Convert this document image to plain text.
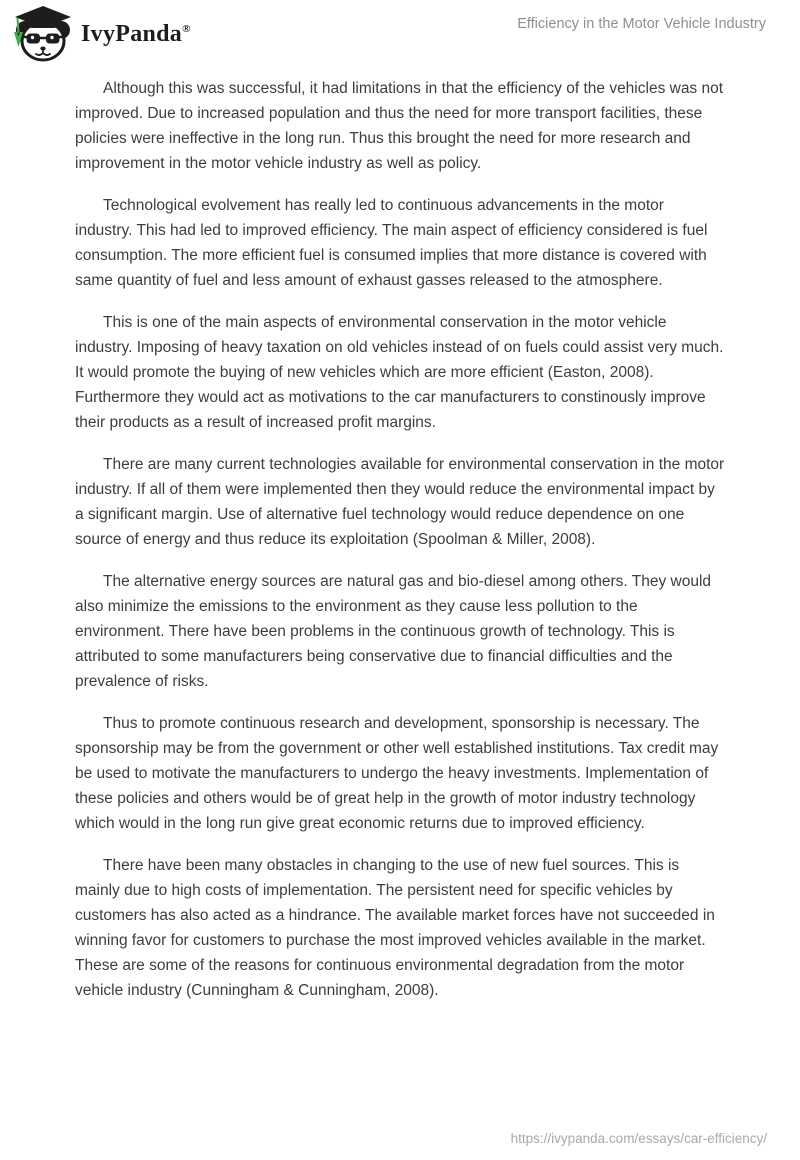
IvyPanda®	Efficiency in the Motor Vehicle Industry

Although this was successful, it had limitations in that the efficiency of the vehicles was not improved. Due to increased population and thus the need for more transport facilities, these policies were ineffective in the long run. Thus this brought the need for more research and improvement in the motor vehicle industry as well as policy.

Technological evolvement has really led to continuous advancements in the motor industry. This had led to improved efficiency. The main aspect of efficiency considered is fuel consumption. The more efficient fuel is consumed implies that more distance is covered with same quantity of fuel and less amount of exhaust gasses released to the atmosphere.

This is one of the main aspects of environmental conservation in the motor vehicle industry. Imposing of heavy taxation on old vehicles instead of on fuels could assist very much. It would promote the buying of new vehicles which are more efficient (Easton, 2008). Furthermore they would act as motivations to the car manufacturers to constinously improve their products as a result of increased profit margins.

There are many current technologies available for environmental conservation in the motor industry. If all of them were implemented then they would reduce the environmental impact by a significant margin. Use of alternative fuel technology would reduce dependence on one source of energy and thus reduce its exploitation (Spoolman & Miller, 2008).

The alternative energy sources are natural gas and bio-diesel among others. They would also minimize the emissions to the environment as they cause less pollution to the environment. There have been problems in the continuous growth of technology. This is attributed to some manufacturers being conservative due to financial difficulties and the prevalence of risks.

Thus to promote continuous research and development, sponsorship is necessary. The sponsorship may be from the government or other well established institutions. Tax credit may be used to motivate the manufacturers to undergo the heavy investments. Implementation of these policies and others would be of great help in the growth of motor industry technology which would in the long run give great economic returns due to improved efficiency.

There have been many obstacles in changing to the use of new fuel sources. This is mainly due to high costs of implementation. The persistent need for specific vehicles by customers has also acted as a hindrance. The available market forces have not succeeded in winning favor for customers to purchase the most improved vehicles available in the market. These are some of the reasons for continuous environmental degradation from the motor vehicle industry (Cunningham & Cunningham, 2008).

https://ivypanda.com/essays/car-efficiency/
